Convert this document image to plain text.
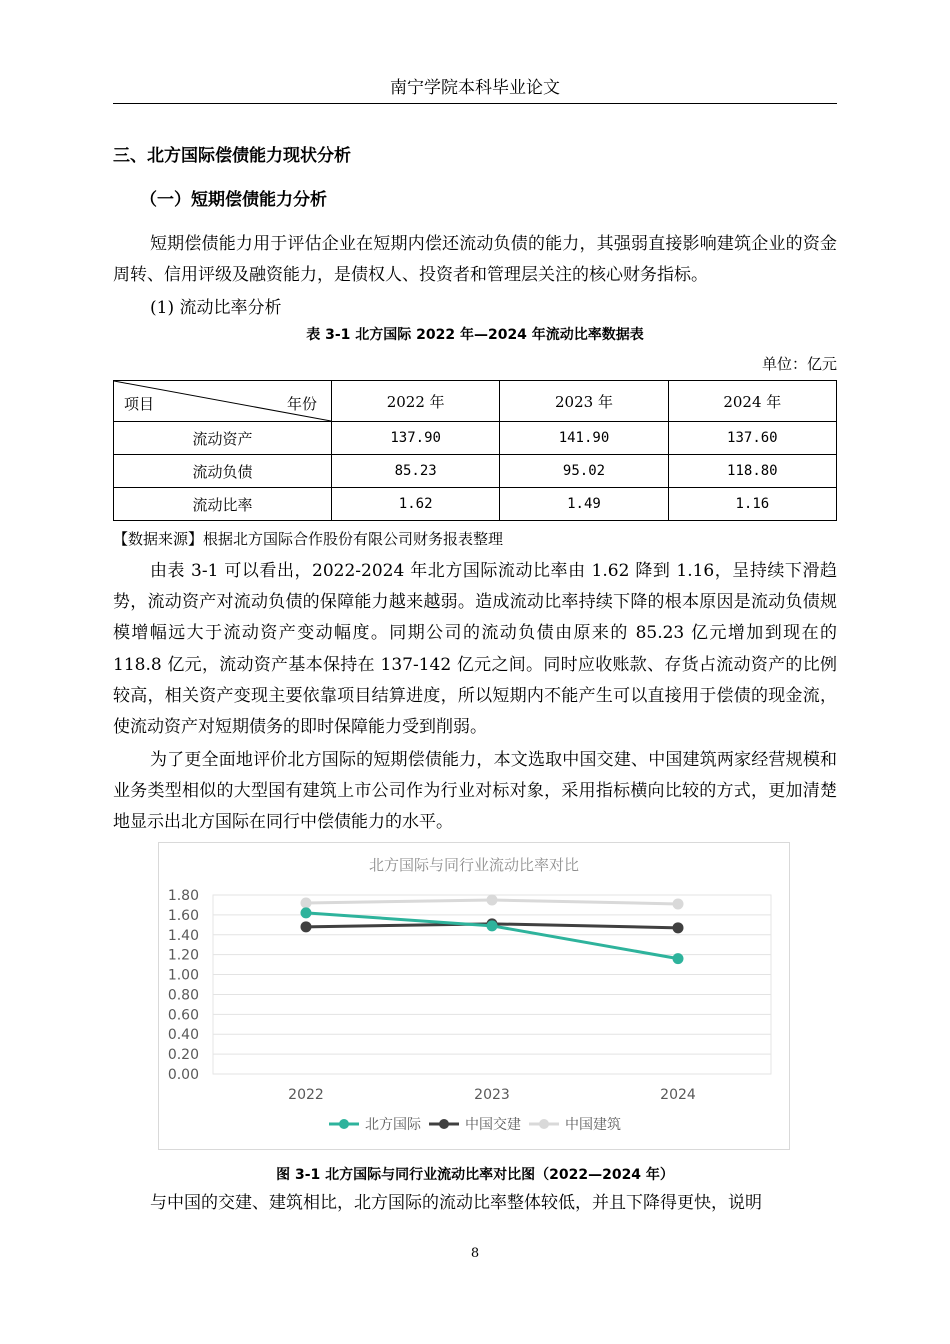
南宁学院本科毕业论文
三、北方国际偿债能力现状分析
（一）短期偿债能力分析

短期偿债能力用于评估企业在短期内偿还流动负债的能力，其强弱直接影响建筑企业的资金周转、信用评级及融资能力，是债权人、投资者和管理层关注的核心财务指标。

(1) 流动比率分析
表 3-1 北方国际 2022 年—2024 年流动比率数据表
单位：亿元
项目 年份	2022 年	2023 年	2024 年
流动资产	137.90	141.90	137.60
流动负债	85.23	95.02	118.80
流动比率	1.62	1.49	1.16
【数据来源】根据北方国际合作股份有限公司财务报表整理

由表 3-1 可以看出，2022-2024 年北方国际流动比率由 1.62 降到 1.16，呈持续下滑趋势，流动资产对流动负债的保障能力越来越弱。造成流动比率持续下降的根本原因是流动负债规模增幅远大于流动资产变动幅度。同期公司的流动负债由原来的 85.23 亿元增加到现在的 118.8 亿元，流动资产基本保持在 137-142 亿元之间。同时应收账款、存货占流动资产的比例较高，相关资产变现主要依靠项目结算进度，所以短期内不能产生可以直接用于偿债的现金流，使流动资产对短期债务的即时保障能力受到削弱。

为了更全面地评价北方国际的短期偿债能力，本文选取中国交建、中国建筑两家经营规模和业务类型相似的大型国有建筑上市公司作为行业对标对象，采用指标横向比较的方式，更加清楚地显示出北方国际在同行中偿债能力的水平。

北方国际与同行业流动比率对比
0.00
0.20
0.40
0.60
0.80
1.00
1.20
1.40
1.60
1.80
2022	2023	2024
北方国际	中国交建	中国建筑
图 3-1 北方国际与同行业流动比率对比图（2022—2024 年）

与中国的交建、建筑相比，北方国际的流动比率整体较低，并且下降得更快，说明

8
